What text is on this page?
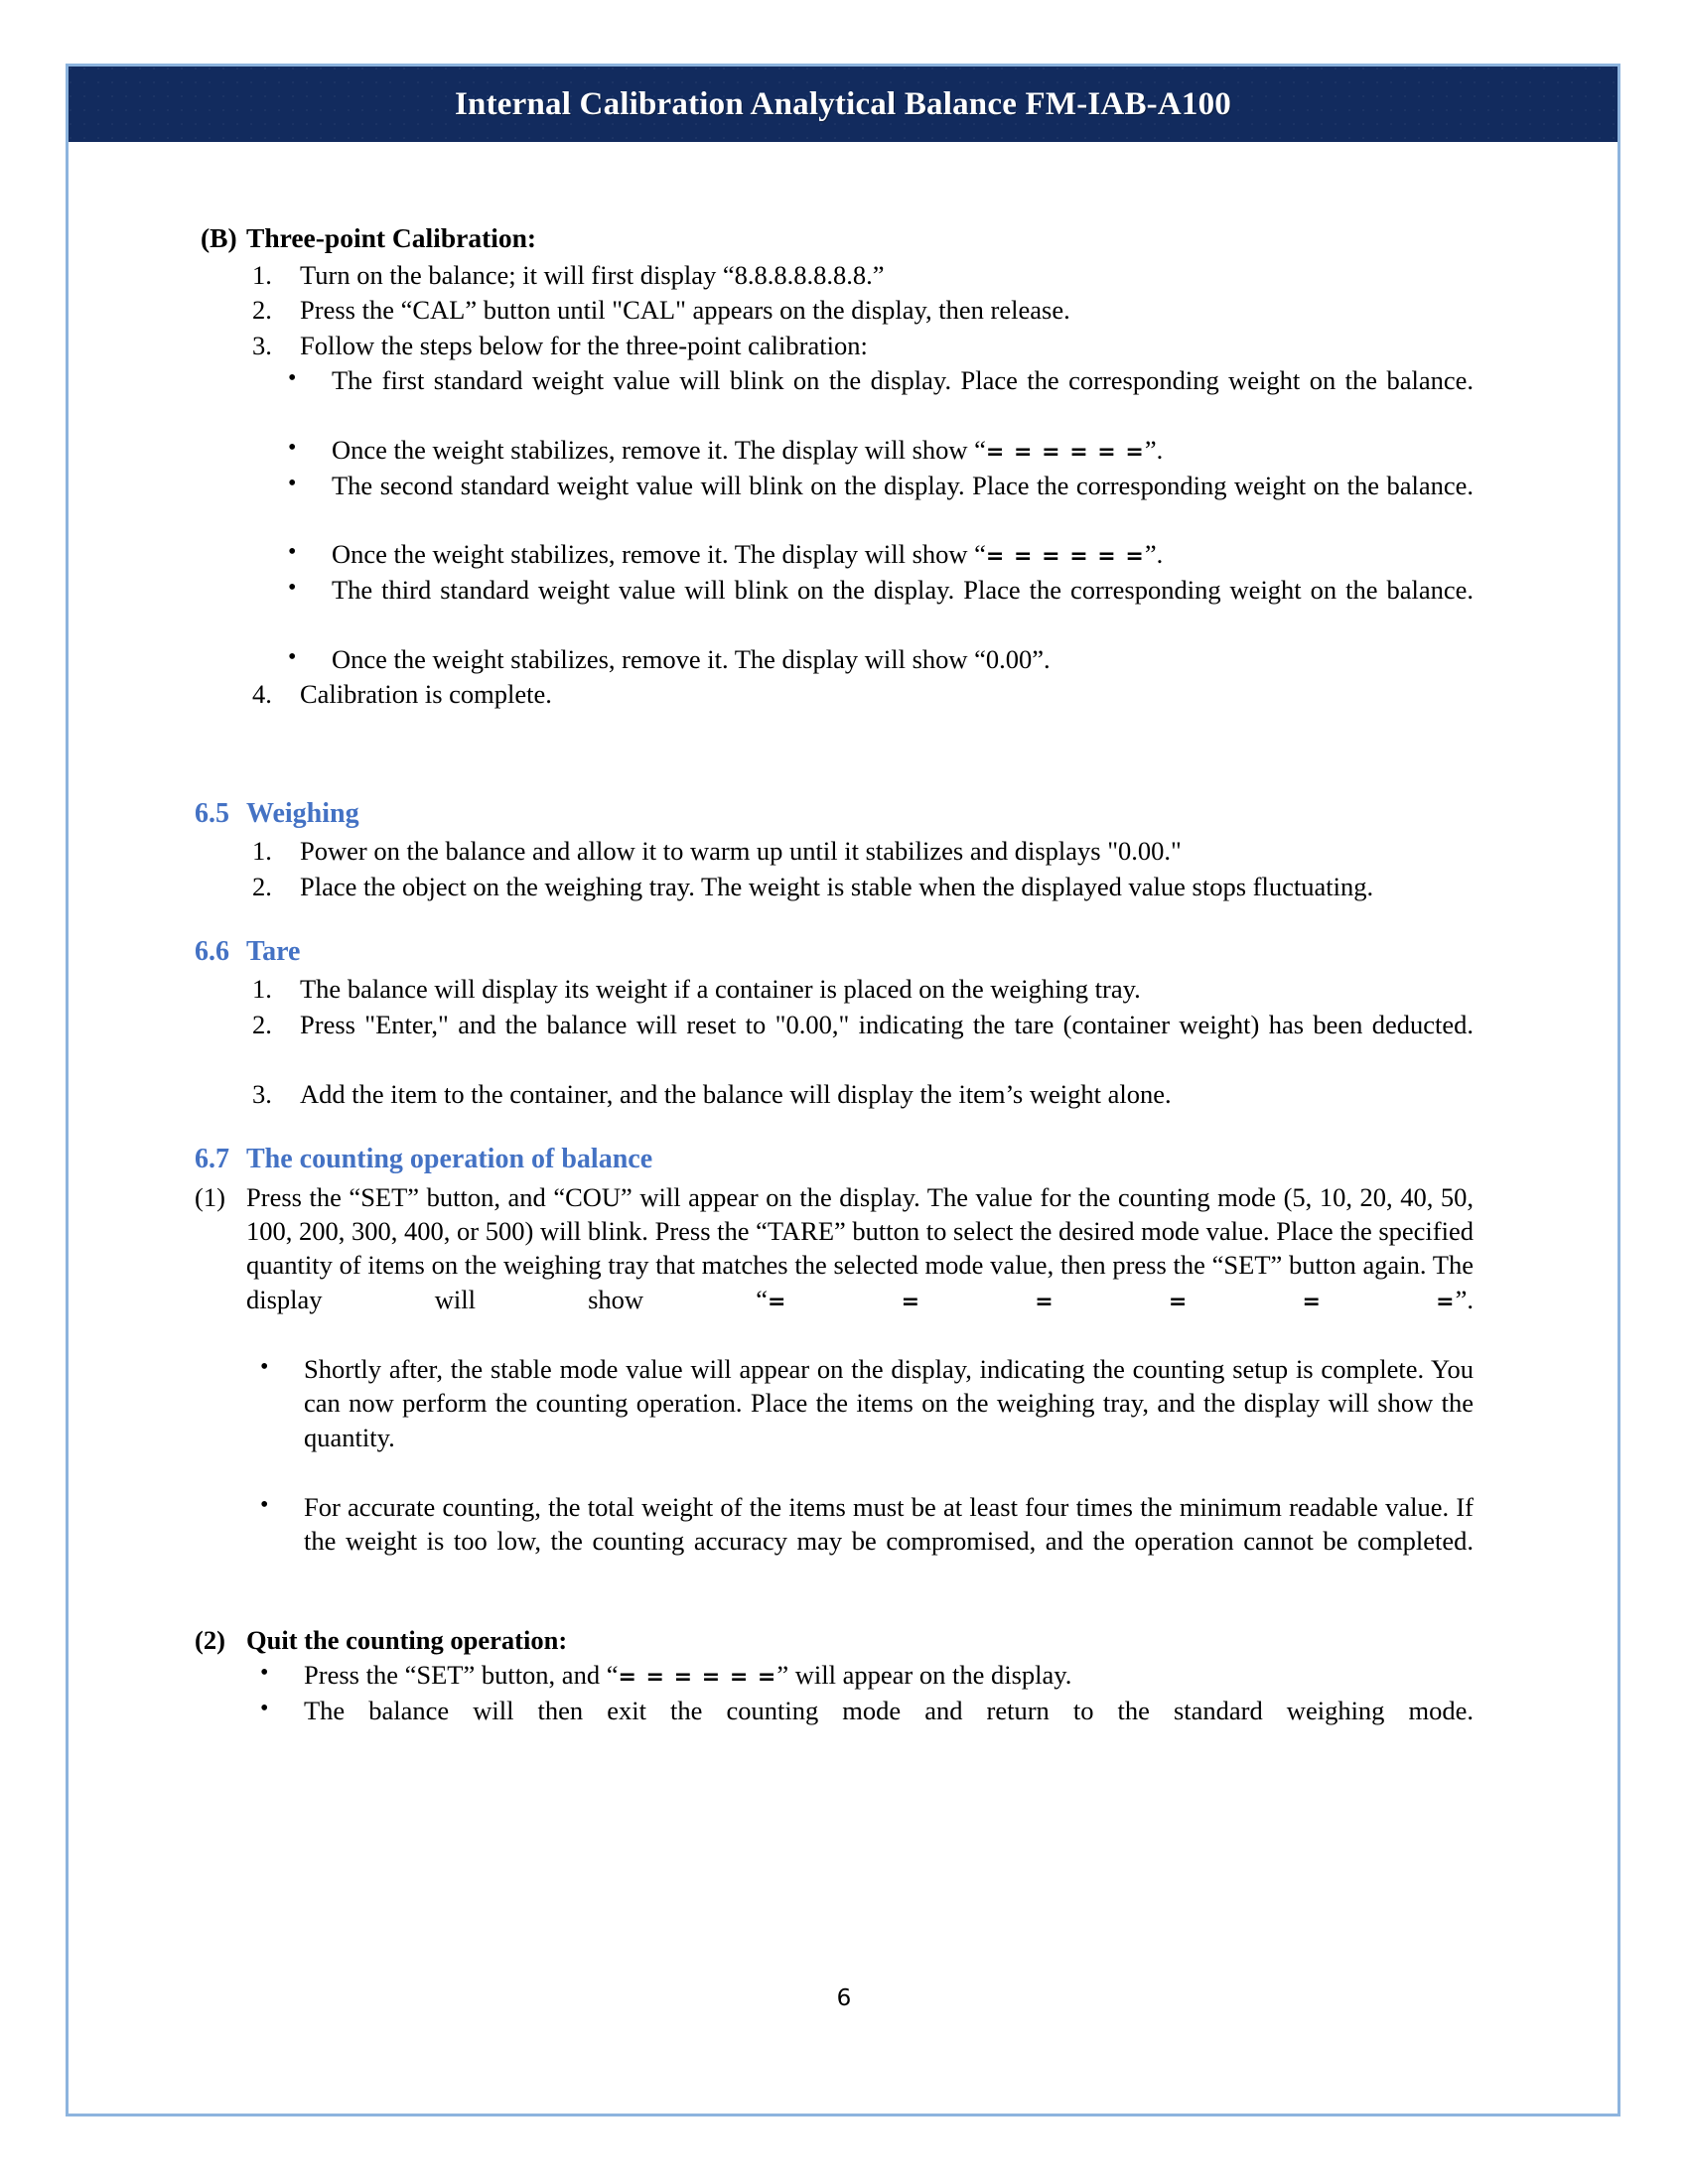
Internal Calibration Analytical Balance FM-IAB-A100
(B) Three-point Calibration:
1.	Turn on the balance; it will first display “8.8.8.8.8.8.8.”
2.	Press the “CAL” button until "CAL" appears on the display, then release.
3.	Follow the steps below for the three-point calibration:
•	The first standard weight value will blink on the display. Place the corresponding weight on the balance.
•	Once the weight stabilizes, remove it. The display will show “= = = = = =”.
•	The second standard weight value will blink on the display. Place the corresponding weight on the balance.
•	Once the weight stabilizes, remove it. The display will show “= = = = = =”.
•	The third standard weight value will blink on the display. Place the corresponding weight on the balance.
•	Once the weight stabilizes, remove it. The display will show “0.00”.
4.	Calibration is complete.
6.5 Weighing
1.	Power on the balance and allow it to warm up until it stabilizes and displays "0.00."
2.	Place the object on the weighing tray. The weight is stable when the displayed value stops fluctuating.
6.6 Tare
1.	The balance will display its weight if a container is placed on the weighing tray.
2.	Press "Enter," and the balance will reset to "0.00," indicating the tare (container weight) has been deducted.
3.	Add the item to the container, and the balance will display the item’s weight alone.
6.7 The counting operation of balance
(1) Press the “SET” button, and “COU” will appear on the display. The value for the counting mode (5, 10, 20, 40, 50, 100, 200, 300, 400, or 500) will blink. Press the “TARE” button to select the desired mode value. Place the specified quantity of items on the weighing tray that matches the selected mode value, then press the “SET” button again. The display will show “= = = = = =”.
•	Shortly after, the stable mode value will appear on the display, indicating the counting setup is complete. You can now perform the counting operation. Place the items on the weighing tray, and the display will show the quantity.
•	For accurate counting, the total weight of the items must be at least four times the minimum readable value. If the weight is too low, the counting accuracy may be compromised, and the operation cannot be completed.
(2) Quit the counting operation:
•	Press the “SET” button, and “= = = = = =” will appear on the display.
•	The balance will then exit the counting mode and return to the standard weighing mode.
6
